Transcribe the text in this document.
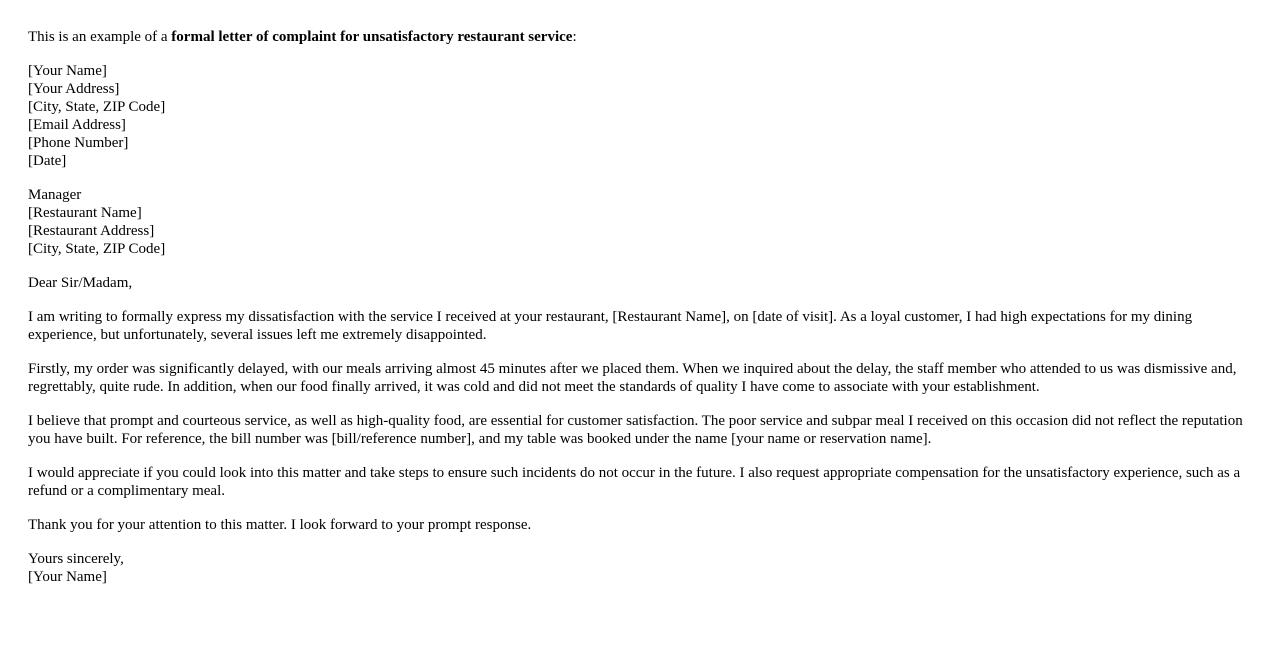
This is an example of a formal letter of complaint for unsatisfactory restaurant service:

[Your Name]
[Your Address]
[City, State, ZIP Code]
[Email Address]
[Phone Number]
[Date]

Manager
[Restaurant Name]
[Restaurant Address]
[City, State, ZIP Code]

Dear Sir/Madam,

I am writing to formally express my dissatisfaction with the service I received at your restaurant, [Restaurant Name], on [date of visit]. As a loyal customer, I had high expectations for my dining experience, but unfortunately, several issues left me extremely disappointed.

Firstly, my order was significantly delayed, with our meals arriving almost 45 minutes after we placed them. When we inquired about the delay, the staff member who attended to us was dismissive and, regrettably, quite rude. In addition, when our food finally arrived, it was cold and did not meet the standards of quality I have come to associate with your establishment.

I believe that prompt and courteous service, as well as high-quality food, are essential for customer satisfaction. The poor service and subpar meal I received on this occasion did not reflect the reputation you have built. For reference, the bill number was [bill/reference number], and my table was booked under the name [your name or reservation name].

I would appreciate if you could look into this matter and take steps to ensure such incidents do not occur in the future. I also request appropriate compensation for the unsatisfactory experience, such as a refund or a complimentary meal.

Thank you for your attention to this matter. I look forward to your prompt response.

Yours sincerely,
[Your Name]
